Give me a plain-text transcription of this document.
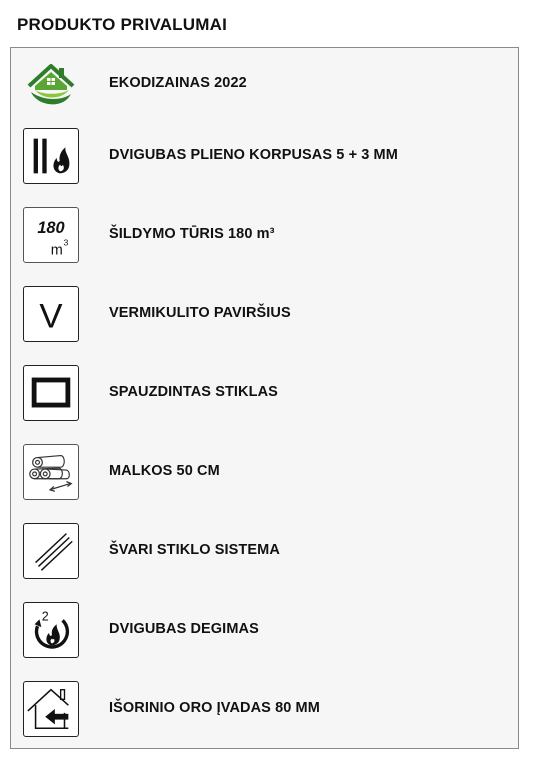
PRODUKTO PRIVALUMAI
EKODIZAINAS 2022
DVIGUBAS PLIENO KORPUSAS 5 + 3 MM
180
m 3
ŠILDYMO TŪRIS 180 m³
V	VERMIKULITO PAVIRŠIUS
SPAUZDINTAS STIKLAS
MALKOS 50 CM
ŠVARI STIKLO SISTEMA
2
DVIGUBAS DEGIMAS
IŠORINIO ORO ĮVADAS 80 MM
